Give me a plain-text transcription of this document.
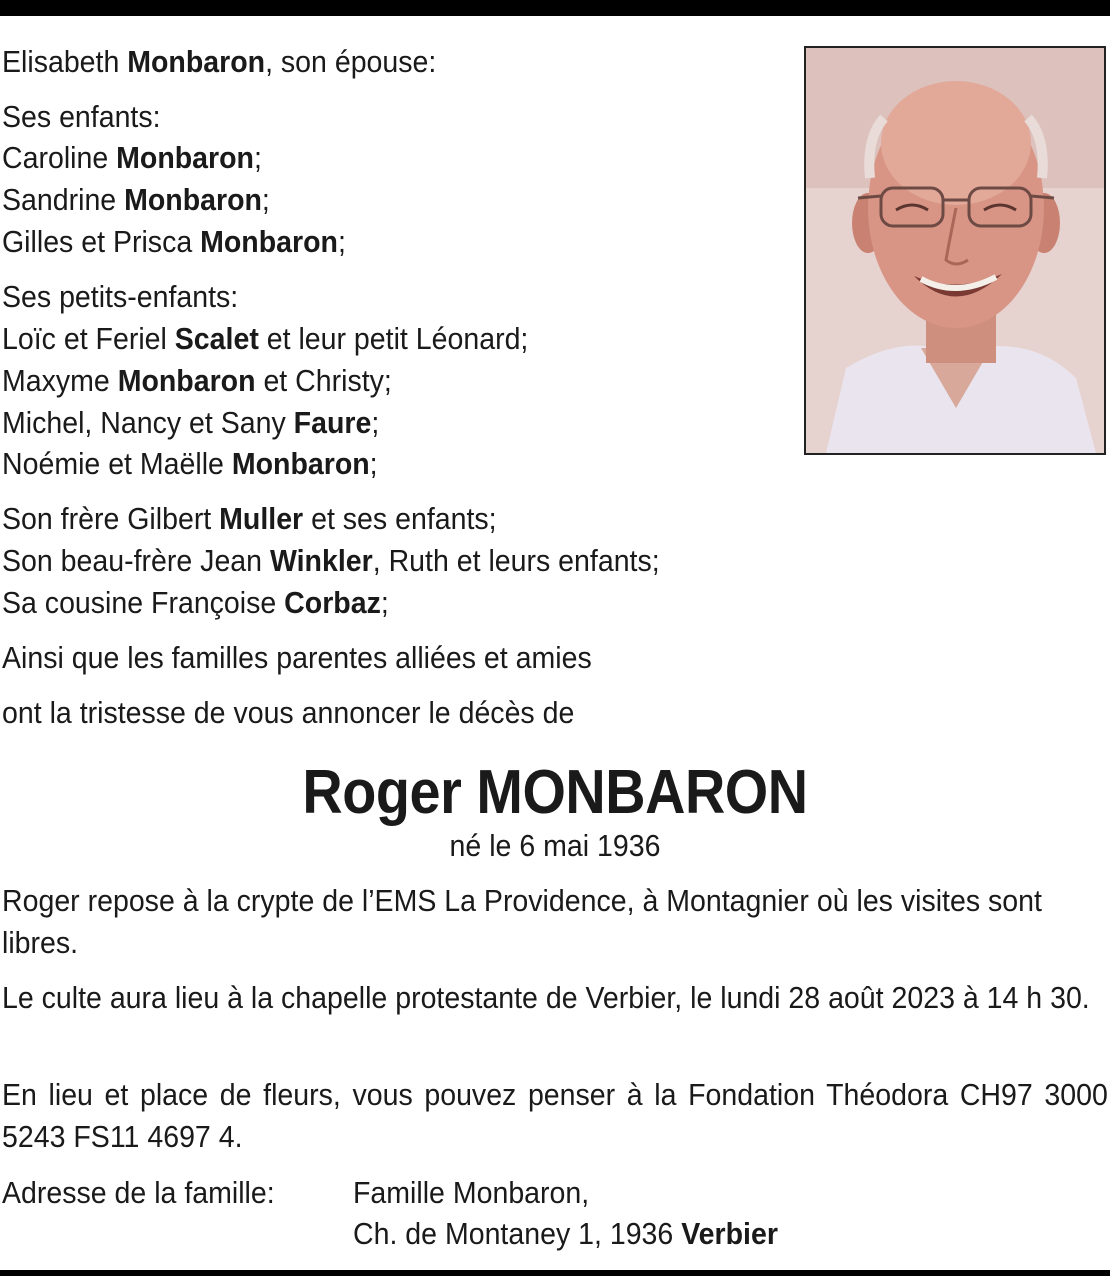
Elisabeth Monbaron, son épouse:
Ses enfants:
Caroline Monbaron;
Sandrine Monbaron;
Gilles et Prisca Monbaron;
Ses petits-enfants:
Loïc et Feriel Scalet et leur petit Léonard;
Maxyme Monbaron et Christy;
Michel, Nancy et Sany Faure;
Noémie et Maëlle Monbaron;
Son frère Gilbert Muller et ses enfants;
Son beau-frère Jean Winkler, Ruth et leurs enfants;
Sa cousine Françoise Corbaz;
Ainsi que les familles parentes alliées et amies
ont la tristesse de vous annoncer le décès de
Roger MONBARON
né le 6 mai 1936
Roger repose à la crypte de l’EMS La Providence, à Montagnier où les visites sont libres.
Le culte aura lieu à la chapelle protestante de Verbier, le lundi 28 août 2023 à 14 h 30.
En lieu et place de fleurs, vous pouvez penser à la Fondation Théodora CH97 3000 5243 FS11 4697 4.
Adresse de la famille:	Famille Monbaron,
Ch. de Montaney 1, 1936 Verbier
